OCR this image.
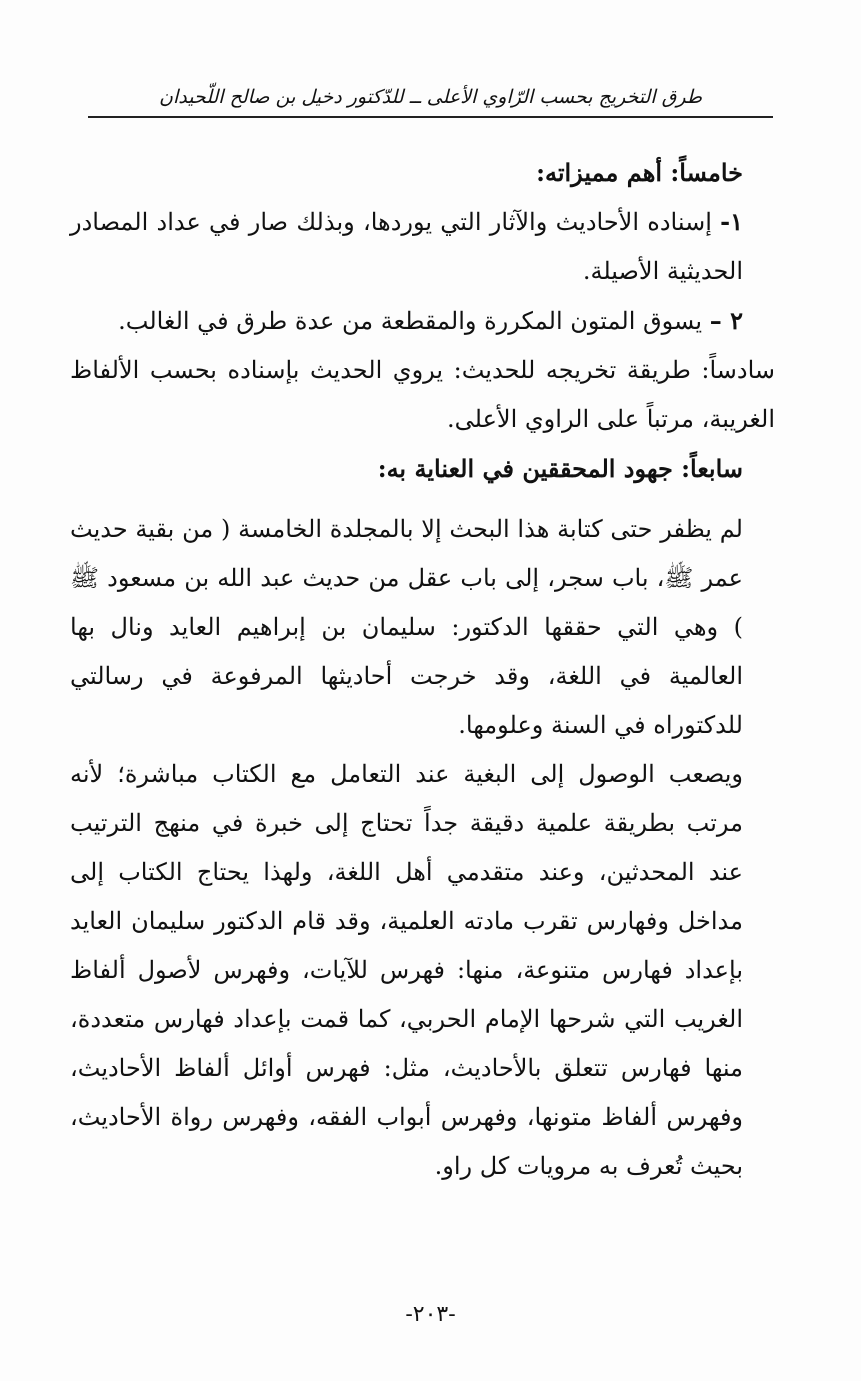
طرق التخريج بحسب الرّاوي الأعلى ــ للدّكتور دخيل بن صالح اللّحيدان

خامساً: أهم مميزاته:

١- إسناده الأحاديث والآثار التي يوردها، وبذلك صار في عداد المصادر الحديثية الأصيلة.

٢ – يسوق المتون المكررة والمقطعة من عدة طرق في الغالب.

سادساً: طريقة تخريجه للحديث: يروي الحديث بإسناده بحسب الألفاظ الغريبة، مرتباً على الراوي الأعلى.

سابعاً: جهود المحققين في العناية به:

لم يظفر حتى كتابة هذا البحث إلا بالمجلدة الخامسة ( من بقية حديث عمر ﷺ، باب سجر، إلى باب عقل من حديث عبد الله بن مسعود ﷺ ) وهي التي حققها الدكتور: سليمان بن إبراهيم العايد ونال بها العالمية في اللغة، وقد خرجت أحاديثها المرفوعة في رسالتي للدكتوراه في السنة وعلومها.

ويصعب الوصول إلى البغية عند التعامل مع الكتاب مباشرة؛ لأنه مرتب بطريقة علمية دقيقة جداً تحتاج إلى خبرة في منهج الترتيب عند المحدثين، وعند متقدمي أهل اللغة، ولهذا يحتاج الكتاب إلى مداخل وفهارس تقرب مادته العلمية، وقد قام الدكتور سليمان العايد بإعداد فهارس متنوعة، منها: فهرس للآيات، وفهرس لأصول ألفاظ الغريب التي شرحها الإمام الحربي، كما قمت بإعداد فهارس متعددة، منها فهارس تتعلق بالأحاديث، مثل: فهرس أوائل ألفاظ الأحاديث، وفهرس ألفاظ متونها، وفهرس أبواب الفقه، وفهرس رواة الأحاديث، بحيث تُعرف به مرويات كل راو.

-٢٠٣-
